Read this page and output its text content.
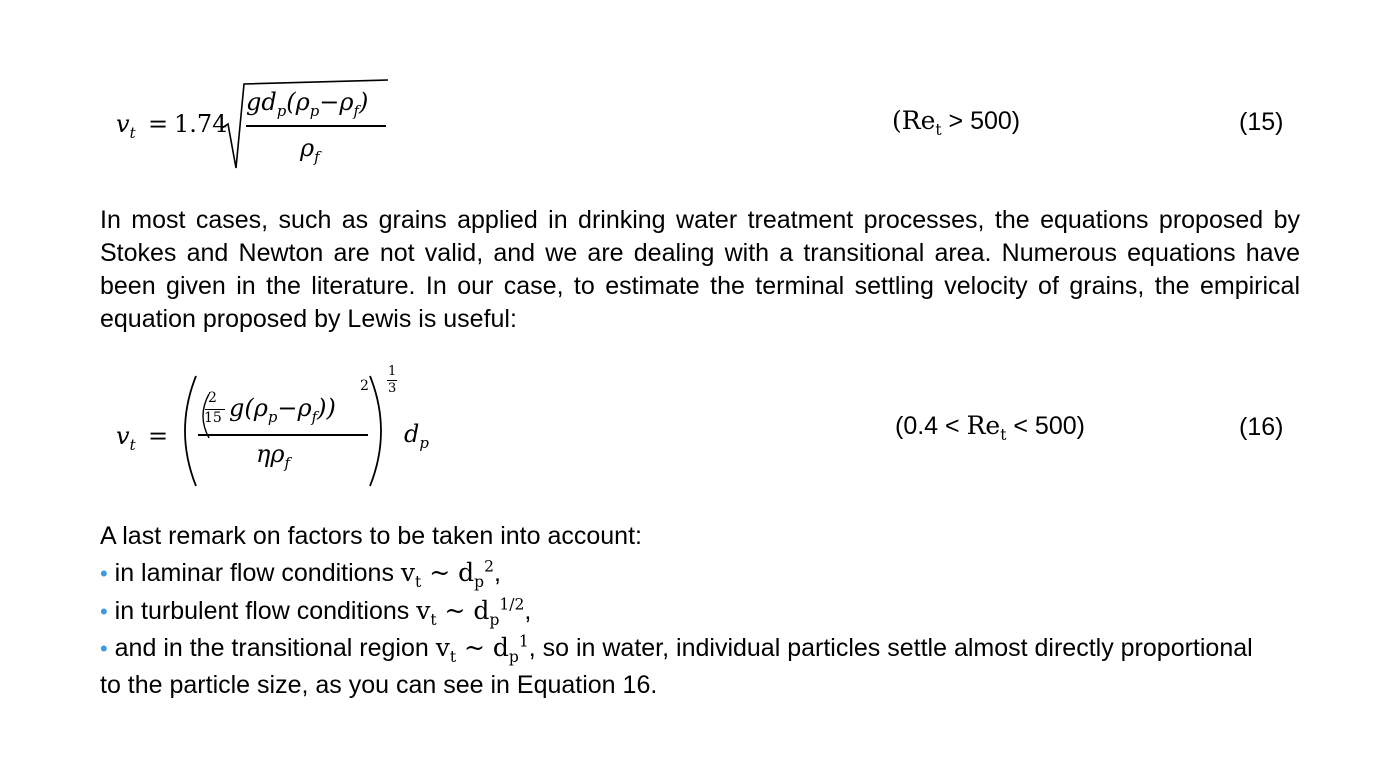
$v_t = 1.74$
$gd_p(\rho_p-\rho_f)$
$\rho_f$
$(Re_t > 500)$	(15)
In most cases, such as grains applied in drinking water treatment processes, the equations proposed by Stokes and Newton are not valid, and we are dealing with a transitional area. Numerous equations have been given in the literature. In our case, to estimate the terminal settling velocity of grains, the empirical equation proposed by Lewis is useful:
$v_t$ =
2
15 $g(\rho_p-\rho_f)$)
2
$\eta\rho_f$
1
3
$d_p$
$(0.4 < Re_t < 500)$	(16)
A last remark on factors to be taken into account:
• in laminar flow conditions $v_t$ ~ $d_p^2$,
• in turbulent flow conditions $v_t$ ~ $d_p^{1/2}$,
• and in the transitional region $v_t$ ~ $d_p^1$, so in water, individual particles settle almost directly proportional
to the particle size, as you can see in Equation 16.
